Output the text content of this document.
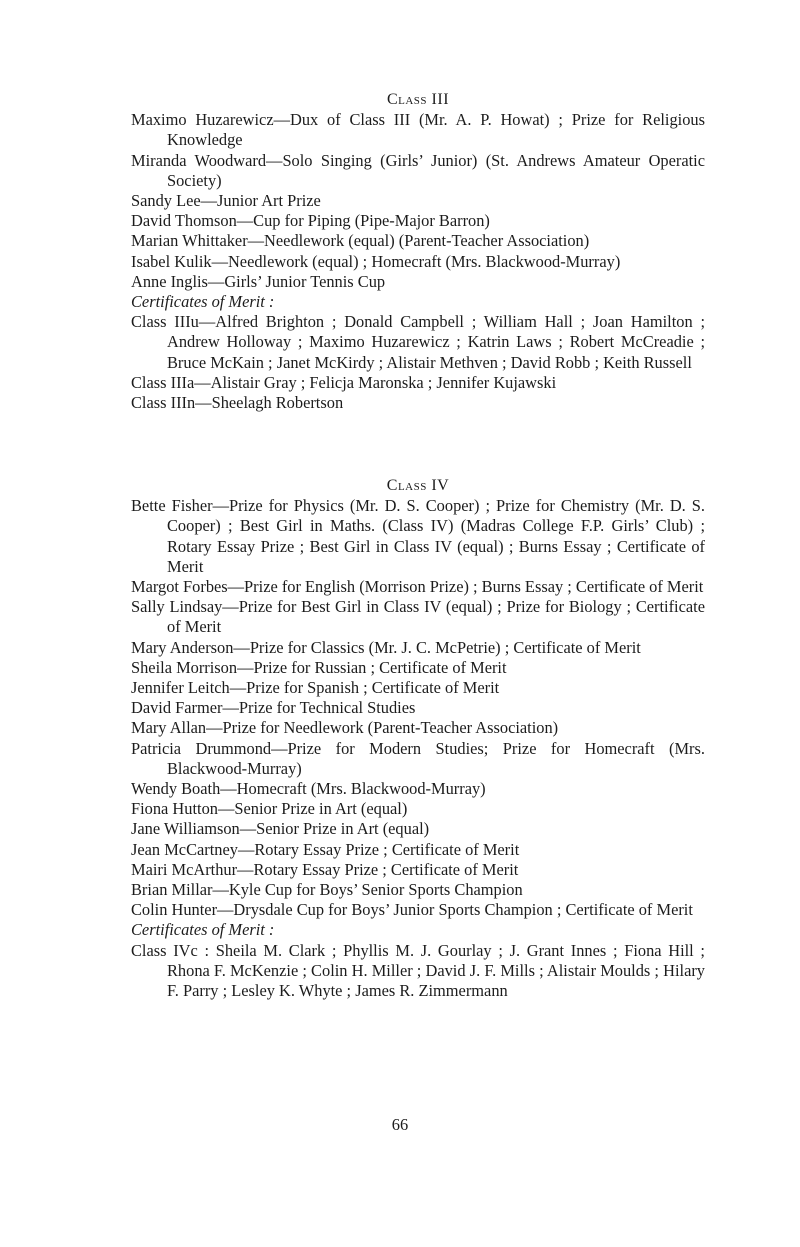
Class III
Maximo Huzarewicz—Dux of Class III (Mr. A. P. Howat) ; Prize for Religious Knowledge
Miranda Woodward—Solo Singing (Girls’ Junior) (St. Andrews Amateur Operatic Society)
Sandy Lee—Junior Art Prize
David Thomson—Cup for Piping (Pipe-Major Barron)
Marian Whittaker—Needlework (equal) (Parent-Teacher Association)
Isabel Kulik—Needlework (equal) ; Homecraft (Mrs. Blackwood-Murray)
Anne Inglis—Girls’ Junior Tennis Cup
Certificates of Merit :
Class IIIu—Alfred Brighton ; Donald Campbell ; William Hall ; Joan Hamilton ; Andrew Holloway ; Maximo Huzarewicz ; Katrin Laws ; Robert McCreadie ; Bruce McKain ; Janet McKirdy ; Alistair Methven ; David Robb ; Keith Russell
Class IIIa—Alistair Gray ; Felicja Maronska ; Jennifer Kujawski
Class IIIn—Sheelagh Robertson
Class IV
Bette Fisher—Prize for Physics (Mr. D. S. Cooper) ; Prize for Chemistry (Mr. D. S. Cooper) ; Best Girl in Maths. (Class IV) (Madras College F.P. Girls’ Club) ; Rotary Essay Prize ; Best Girl in Class IV (equal) ; Burns Essay ; Certificate of Merit
Margot Forbes—Prize for English (Morrison Prize) ; Burns Essay ; Certificate of Merit
Sally Lindsay—Prize for Best Girl in Class IV (equal) ; Prize for Biology ; Certificate of Merit
Mary Anderson—Prize for Classics (Mr. J. C. McPetrie) ; Certificate of Merit
Sheila Morrison—Prize for Russian ; Certificate of Merit
Jennifer Leitch—Prize for Spanish ; Certificate of Merit
David Farmer—Prize for Technical Studies
Mary Allan—Prize for Needlework (Parent-Teacher Association)
Patricia Drummond—Prize for Modern Studies; Prize for Homecraft (Mrs. Blackwood-Murray)
Wendy Boath—Homecraft (Mrs. Blackwood-Murray)
Fiona Hutton—Senior Prize in Art (equal)
Jane Williamson—Senior Prize in Art (equal)
Jean McCartney—Rotary Essay Prize ; Certificate of Merit
Mairi McArthur—Rotary Essay Prize ; Certificate of Merit
Brian Millar—Kyle Cup for Boys’ Senior Sports Champion
Colin Hunter—Drysdale Cup for Boys’ Junior Sports Champion ; Certificate of Merit
Certificates of Merit :
Class IVc : Sheila M. Clark ; Phyllis M. J. Gourlay ; J. Grant Innes ; Fiona Hill ; Rhona F. McKenzie ; Colin H. Miller ; David J. F. Mills ; Alistair Moulds ; Hilary F. Parry ; Lesley K. Whyte ; James R. Zimmermann
66
